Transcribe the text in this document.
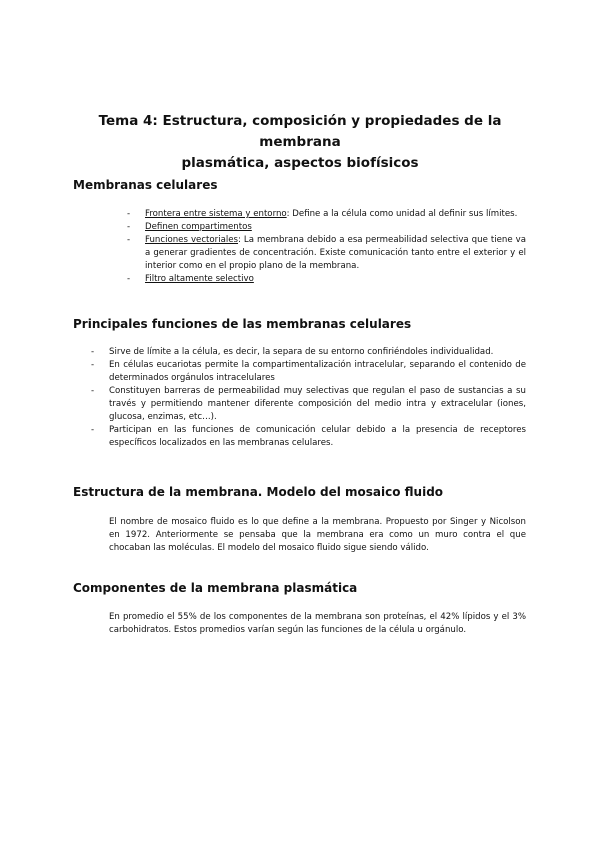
Tema 4: Estructura, composición y propiedades de la membrana
plasmática, aspectos biofísicos

Membranas celulares
- Frontera entre sistema y entorno: Define a la célula como unidad al definir sus límites.
- Definen compartimentos
- Funciones vectoriales: La membrana debido a esa permeabilidad selectiva que tiene va a generar gradientes de concentración. Existe comunicación tanto entre el exterior y el interior como en el propio plano de la membrana.
- Filtro altamente selectivo
Principales funciones de las membranas celulares
- Sirve de límite a la célula, es decir, la separa de su entorno confiriéndoles individualidad.
- En células eucariotas permite la compartimentalización intracelular, separando el contenido de determinados orgánulos intracelulares
- Constituyen barreras de permeabilidad muy selectivas que regulan el paso de sustancias a su través y permitiendo mantener diferente composición del medio intra y extracelular (iones, glucosa, enzimas, etc…).
- Participan en las funciones de comunicación celular debido a la presencia de receptores específicos localizados en las membranas celulares.
Estructura de la membrana. Modelo del mosaico fluido

El nombre de mosaico fluido es lo que define a la membrana. Propuesto por Singer y Nicolson en 1972. Anteriormente se pensaba que la membrana era como un muro contra el que chocaban las moléculas. El modelo del mosaico fluido sigue siendo válido.

Componentes de la membrana plasmática

En promedio el 55% de los componentes de la membrana son proteínas, el 42% lípidos y el 3% carbohidratos. Estos promedios varían según las funciones de la célula u orgánulo.
